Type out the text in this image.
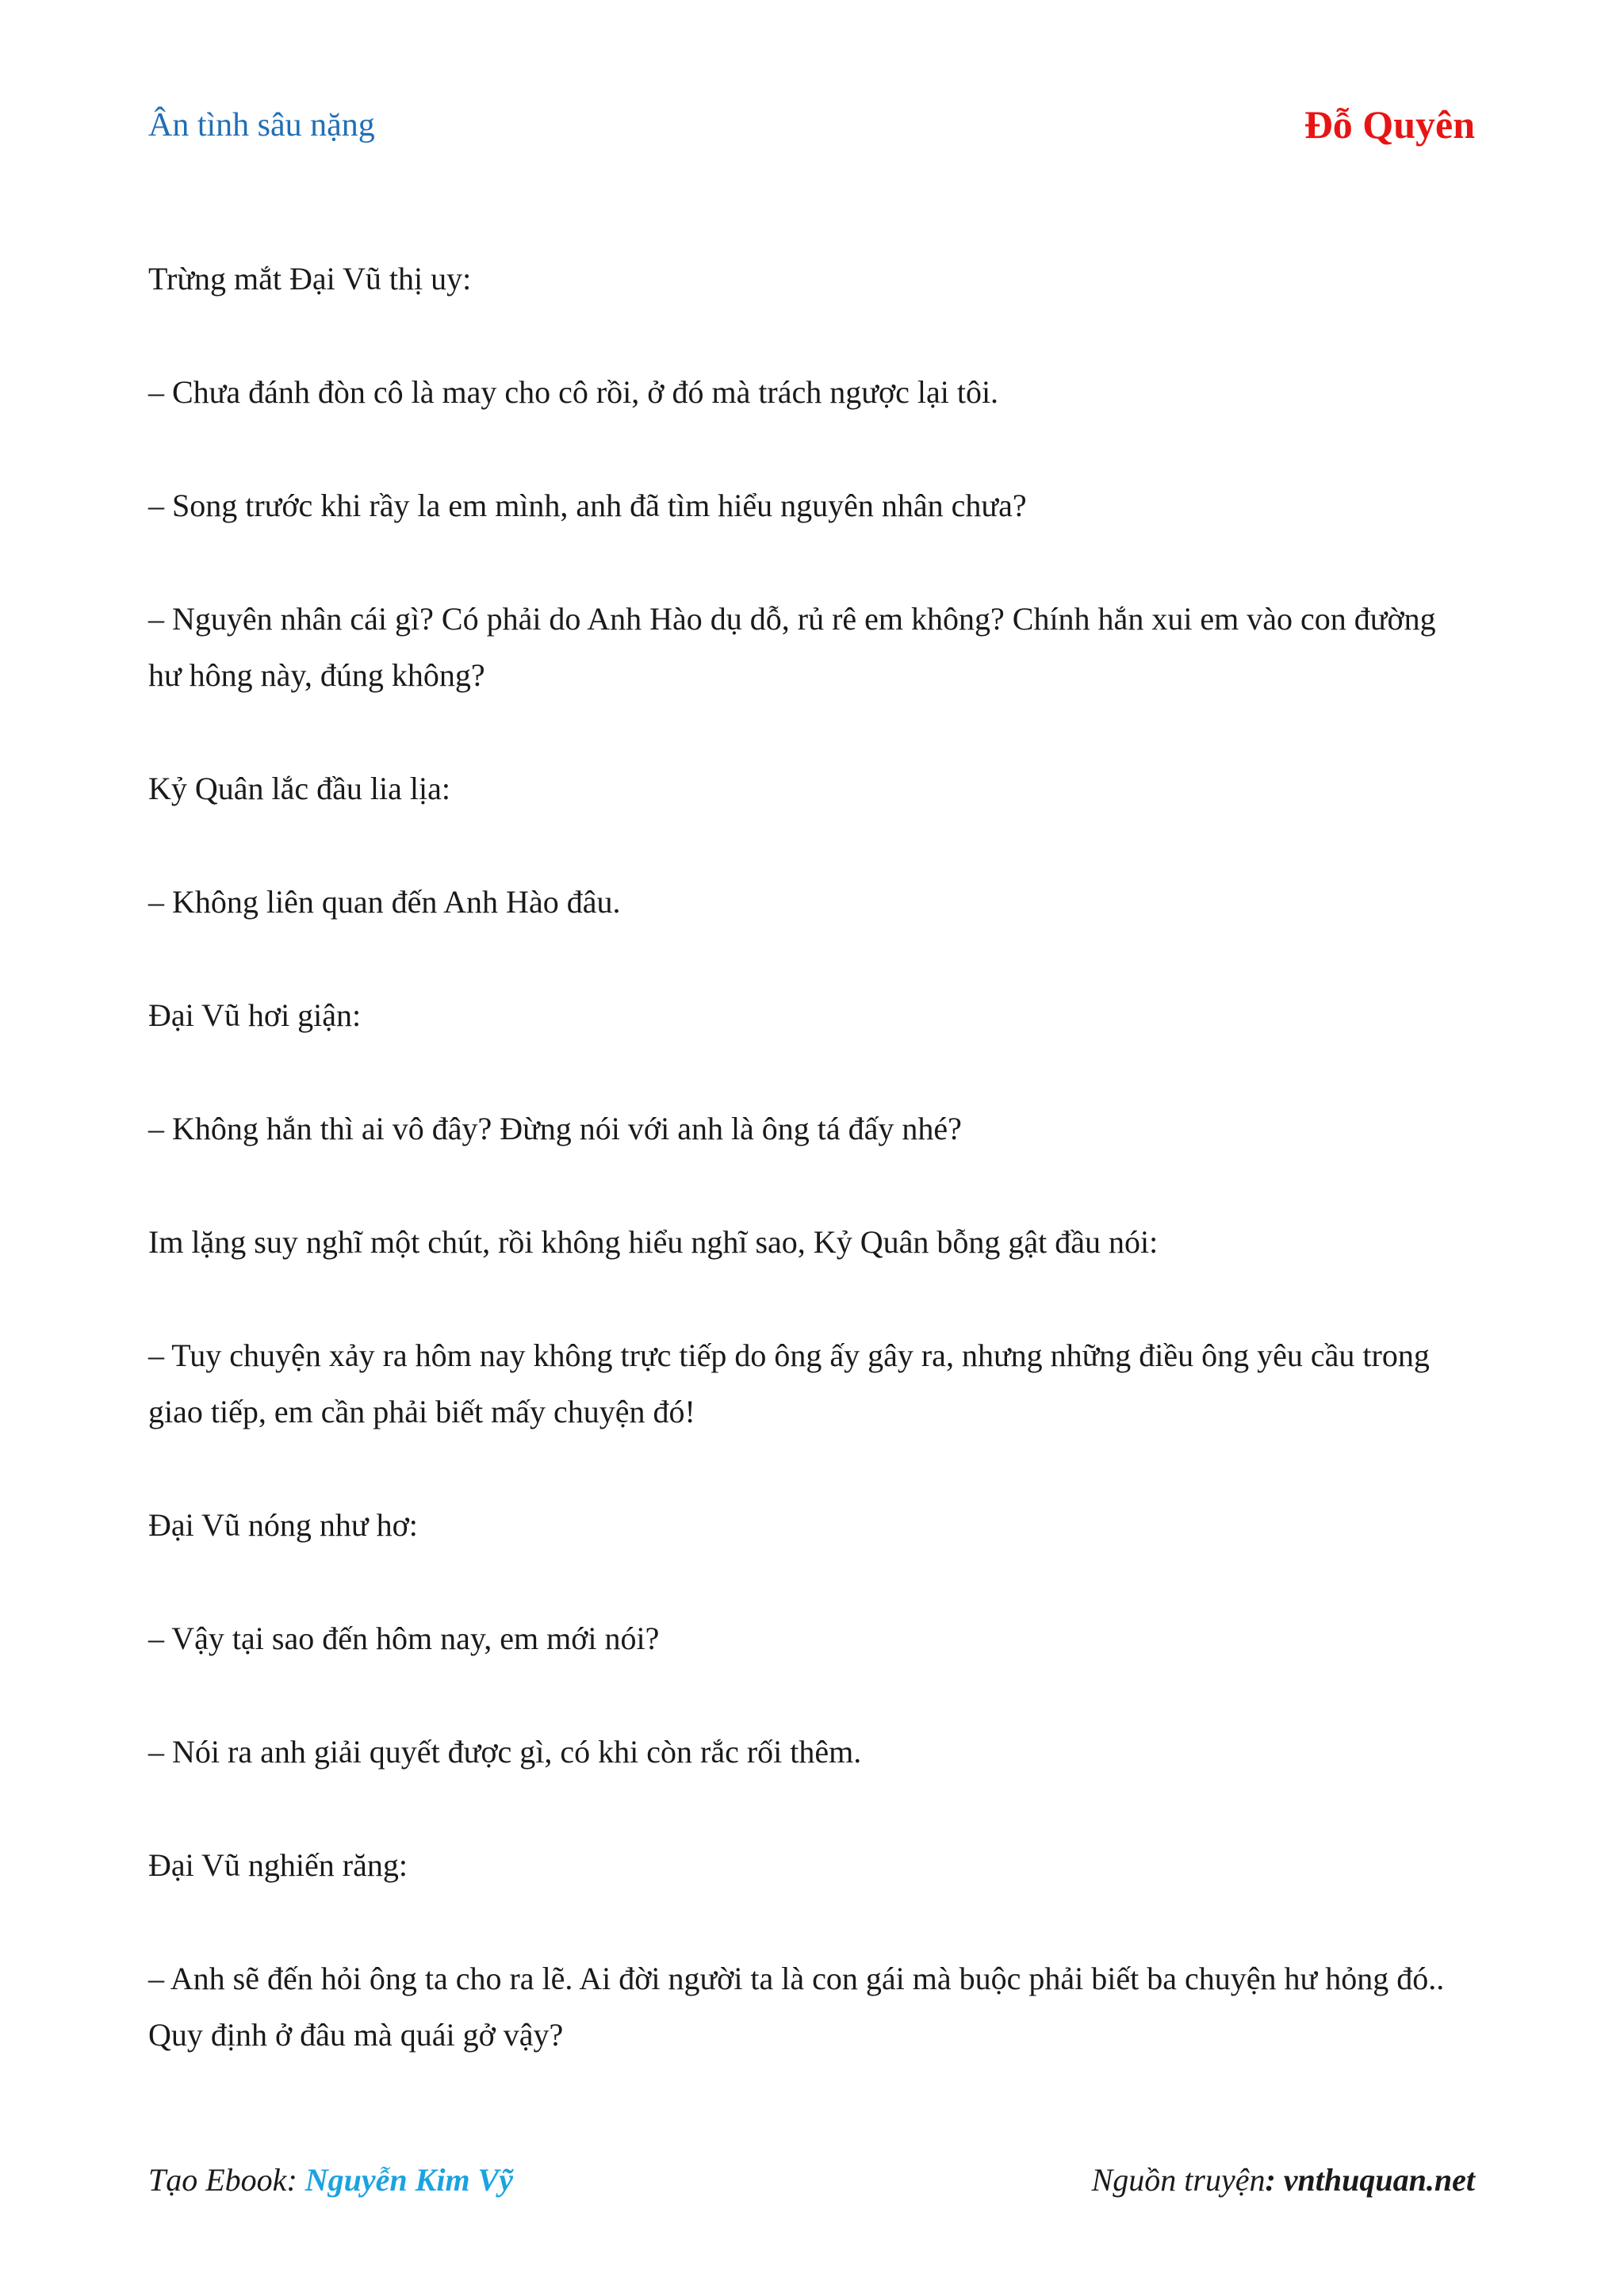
Ân tình sâu nặng	Đỗ Quyên

Trừng mắt Đại Vũ thị uy:

– Chưa đánh đòn cô là may cho cô rồi, ở đó mà trách ngược lại tôi.

– Song trước khi rầy la em mình, anh đã tìm hiểu nguyên nhân chưa?

– Nguyên nhân cái gì? Có phải do Anh Hào dụ dỗ, rủ rê em không? Chính hắn xui em vào con đường hư hông này, đúng không?

Kỷ Quân lắc đầu lia lịa:

– Không liên quan đến Anh Hào đâu.

Đại Vũ hơi giận:

– Không hắn thì ai vô đây? Đừng nói với anh là ông tá đấy nhé?

Im lặng suy nghĩ một chút, rồi không hiểu nghĩ sao, Kỷ Quân bỗng gật đầu nói:

– Tuy chuyện xảy ra hôm nay không trực tiếp do ông ấy gây ra, nhưng những điều ông yêu cầu trong giao tiếp, em cần phải biết mấy chuyện đó!

Đại Vũ nóng như hơ:

– Vậy tại sao đến hôm nay, em mới nói?

– Nói ra anh giải quyết được gì, có khi còn rắc rối thêm.

Đại Vũ nghiến răng:

– Anh sẽ đến hỏi ông ta cho ra lẽ. Ai đời người ta là con gái mà buộc phải biết ba chuyện hư hỏng đó.. Quy định ở đâu mà quái gở vậy?

Tạo Ebook: Nguyễn Kim Vỹ	Nguồn truyện: vnthuquan.net
